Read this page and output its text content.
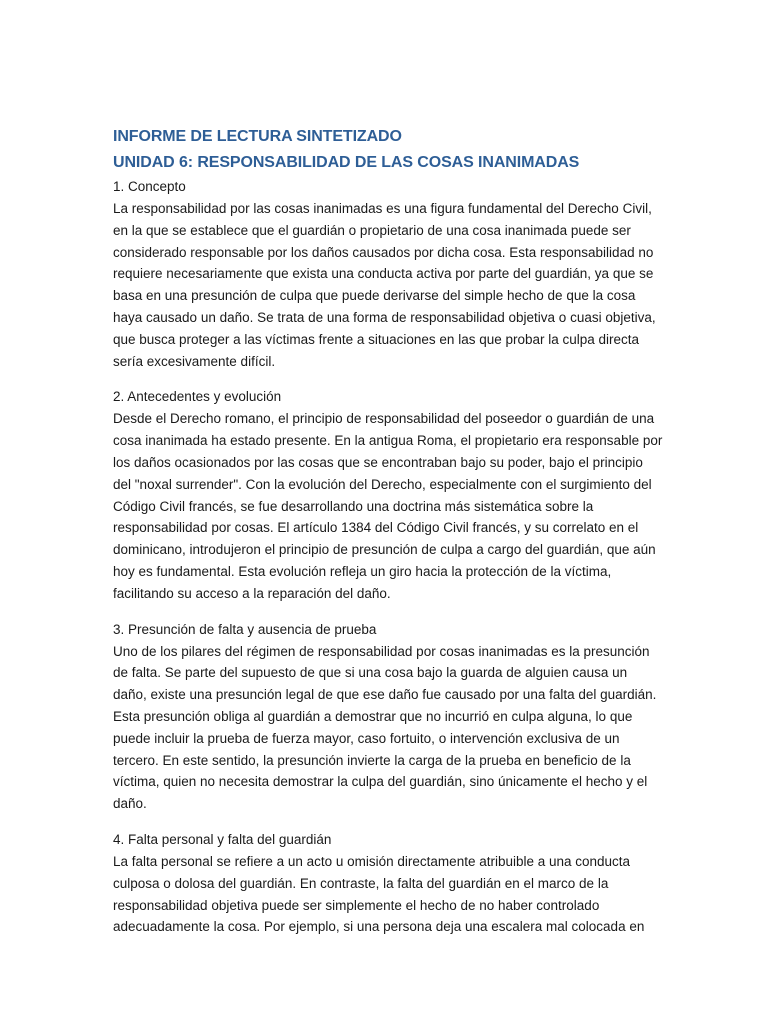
INFORME DE LECTURA SINTETIZADO
UNIDAD 6: RESPONSABILIDAD DE LAS COSAS INANIMADAS

1. Concepto

La responsabilidad por las cosas inanimadas es una figura fundamental del Derecho Civil, en la que se establece que el guardián o propietario de una cosa inanimada puede ser considerado responsable por los daños causados por dicha cosa. Esta responsabilidad no requiere necesariamente que exista una conducta activa por parte del guardián, ya que se basa en una presunción de culpa que puede derivarse del simple hecho de que la cosa haya causado un daño. Se trata de una forma de responsabilidad objetiva o cuasi objetiva, que busca proteger a las víctimas frente a situaciones en las que probar la culpa directa sería excesivamente difícil.

2. Antecedentes y evolución

Desde el Derecho romano, el principio de responsabilidad del poseedor o guardián de una cosa inanimada ha estado presente. En la antigua Roma, el propietario era responsable por los daños ocasionados por las cosas que se encontraban bajo su poder, bajo el principio del "noxal surrender". Con la evolución del Derecho, especialmente con el surgimiento del Código Civil francés, se fue desarrollando una doctrina más sistemática sobre la responsabilidad por cosas. El artículo 1384 del Código Civil francés, y su correlato en el dominicano, introdujeron el principio de presunción de culpa a cargo del guardián, que aún hoy es fundamental. Esta evolución refleja un giro hacia la protección de la víctima, facilitando su acceso a la reparación del daño.

3. Presunción de falta y ausencia de prueba

Uno de los pilares del régimen de responsabilidad por cosas inanimadas es la presunción de falta. Se parte del supuesto de que si una cosa bajo la guarda de alguien causa un daño, existe una presunción legal de que ese daño fue causado por una falta del guardián. Esta presunción obliga al guardián a demostrar que no incurrió en culpa alguna, lo que puede incluir la prueba de fuerza mayor, caso fortuito, o intervención exclusiva de un tercero. En este sentido, la presunción invierte la carga de la prueba en beneficio de la víctima, quien no necesita demostrar la culpa del guardián, sino únicamente el hecho y el daño.

4. Falta personal y falta del guardián

La falta personal se refiere a un acto u omisión directamente atribuible a una conducta culposa o dolosa del guardián. En contraste, la falta del guardián en el marco de la responsabilidad objetiva puede ser simplemente el hecho de no haber controlado adecuadamente la cosa. Por ejemplo, si una persona deja una escalera mal colocada en
